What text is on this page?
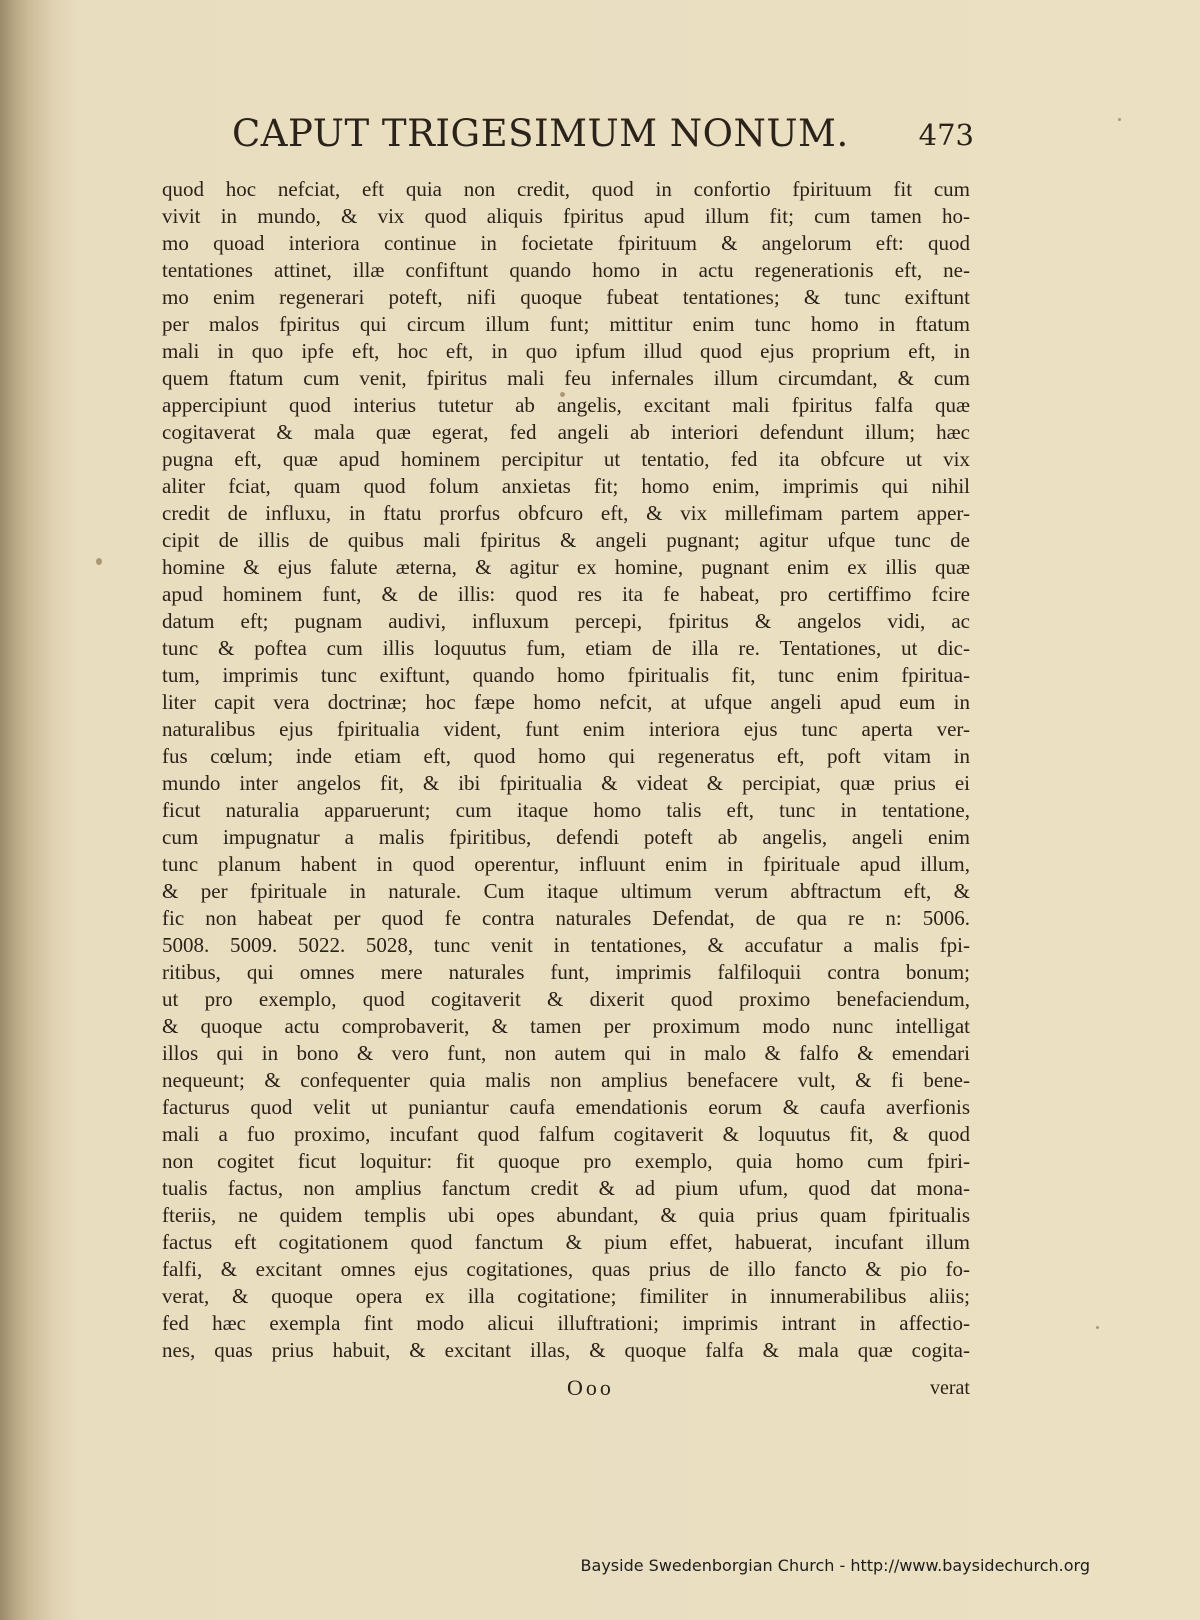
CAPUT TRIGESIMUM NONUM. 473
quod hoc nefciat, eft quia non credit, quod in confortio fpirituum fit cum
vivit in mundo, & vix quod aliquis fpiritus apud illum fit; cum tamen ho-
mo quoad interiora continue in focietate fpirituum & angelorum eft: quod
tentationes attinet, illæ confiftunt quando homo in actu regenerationis eft, ne-
mo enim regenerari poteft, nifi quoque fubeat tentationes; & tunc exiftunt
per malos fpiritus qui circum illum funt; mittitur enim tunc homo in ftatum
mali in quo ipfe eft, hoc eft, in quo ipfum illud quod ejus proprium eft, in
quem ftatum cum venit, fpiritus mali feu infernales illum circumdant, & cum
appercipiunt quod interius tutetur ab angelis, excitant mali fpiritus falfa quæ
cogitaverat & mala quæ egerat, fed angeli ab interiori defendunt illum; hæc
pugna eft, quæ apud hominem percipitur ut tentatio, fed ita obfcure ut vix
aliter fciat, quam quod folum anxietas fit; homo enim, imprimis qui nihil
credit de influxu, in ftatu prorfus obfcuro eft, & vix millefimam partem apper-
cipit de illis de quibus mali fpiritus & angeli pugnant; agitur ufque tunc de
homine & ejus falute æterna, & agitur ex homine, pugnant enim ex illis quæ
apud hominem funt, & de illis: quod res ita fe habeat, pro certiffimo fcire
datum eft; pugnam audivi, influxum percepi, fpiritus & angelos vidi, ac
tunc & poftea cum illis loquutus fum, etiam de illa re. Tentationes, ut dic-
tum, imprimis tunc exiftunt, quando homo fpiritualis fit, tunc enim fpiritua-
liter capit vera doctrinæ; hoc fæpe homo nefcit, at ufque angeli apud eum in
naturalibus ejus fpiritualia vident, funt enim interiora ejus tunc aperta ver-
fus cœlum; inde etiam eft, quod homo qui regeneratus eft, poft vitam in
mundo inter angelos fit, & ibi fpiritualia & videat & percipiat, quæ prius ei
ficut naturalia apparuerunt; cum itaque homo talis eft, tunc in tentatione,
cum impugnatur a malis fpiritibus, defendi poteft ab angelis, angeli enim
tunc planum habent in quod operentur, influunt enim in fpirituale apud illum,
& per fpirituale in naturale. Cum itaque ultimum verum abftractum eft, &
fic non habeat per quod fe contra naturales Defendat, de qua re n: 5006.
5008. 5009. 5022. 5028, tunc venit in tentationes, & accufatur a malis fpi-
ritibus, qui omnes mere naturales funt, imprimis falfiloquii contra bonum;
ut pro exemplo, quod cogitaverit & dixerit quod proximo benefaciendum,
& quoque actu comprobaverit, & tamen per proximum modo nunc intelligat
illos qui in bono & vero funt, non autem qui in malo & falfo & emendari
nequeunt; & confequenter quia malis non amplius benefacere vult, & fi bene-
facturus quod velit ut puniantur caufa emendationis eorum & caufa averfionis
mali a fuo proximo, incufant quod falfum cogitaverit & loquutus fit, & quod
non cogitet ficut loquitur: fit quoque pro exemplo, quia homo cum fpiri-
tualis factus, non amplius fanctum credit & ad pium ufum, quod dat mona-
fteriis, ne quidem templis ubi opes abundant, & quia prius quam fpiritualis
factus eft cogitationem quod fanctum & pium effet, habuerat, incufant illum
falfi, & excitant omnes ejus cogitationes, quas prius de illo fancto & pio fo-
verat, & quoque opera ex illa cogitatione; fimiliter in innumerabilibus aliis;
fed hæc exempla fint modo alicui illuftrationi; imprimis intrant in affectio-
nes, quas prius habuit, & excitant illas, & quoque falfa & mala quæ cogita-
Ooo	verat
Bayside Swedenborgian Church - http://www.baysidechurch.org
